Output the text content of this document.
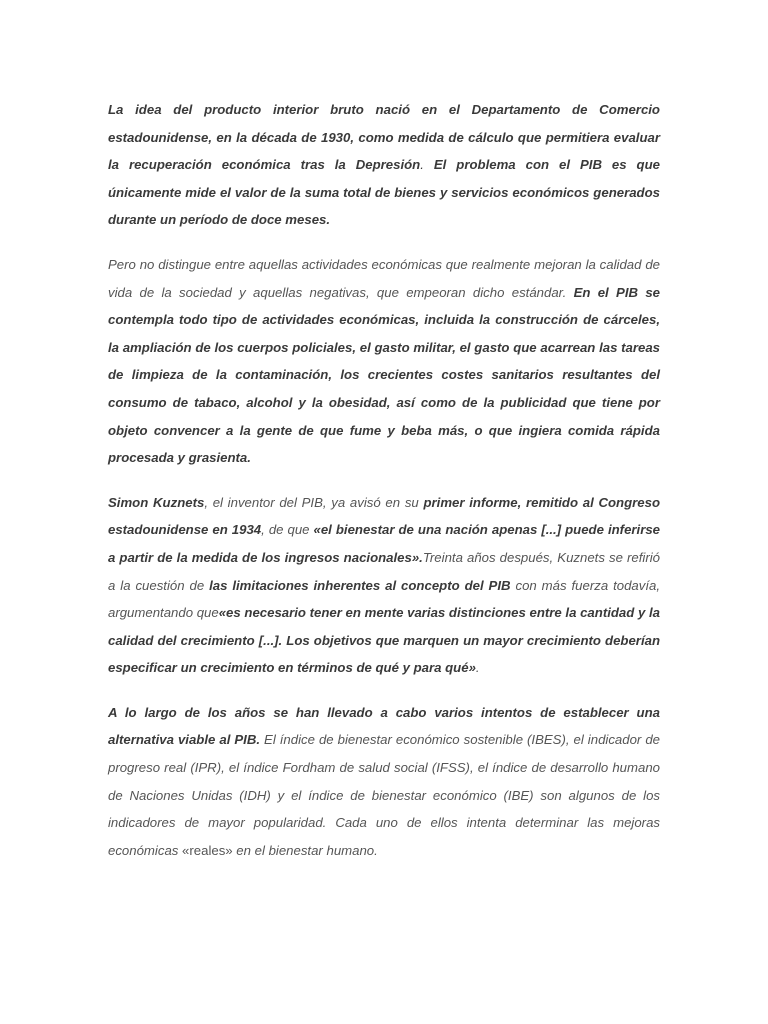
La idea del producto interior bruto nació en el Departamento de Comercio estadounidense, en la década de 1930, como medida de cálculo que permitiera evaluar la recuperación económica tras la Depresión. El problema con el PIB es que únicamente mide el valor de la suma total de bienes y servicios económicos generados durante un período de doce meses.

Pero no distingue entre aquellas actividades económicas que realmente mejoran la calidad de vida de la sociedad y aquellas negativas, que empeoran dicho estándar. En el PIB se contempla todo tipo de actividades económicas, incluida la construcción de cárceles, la ampliación de los cuerpos policiales, el gasto militar, el gasto que acarrean las tareas de limpieza de la contaminación, los crecientes costes sanitarios resultantes del consumo de tabaco, alcohol y la obesidad, así como de la publicidad que tiene por objeto convencer a la gente de que fume y beba más, o que ingiera comida rápida procesada y grasienta.

Simon Kuznets, el inventor del PIB, ya avisó en su primer informe, remitido al Congreso estadounidense en 1934, de que «el bienestar de una nación apenas [...] puede inferirse a partir de la medida de los ingresos nacionales».Treinta años después, Kuznets se refirió a la cuestión de las limitaciones inherentes al concepto del PIB con más fuerza todavía, argumentando que«es necesario tener en mente varias distinciones entre la cantidad y la calidad del crecimiento [...]. Los objetivos que marquen un mayor crecimiento deberían especificar un crecimiento en términos de qué y para qué».

A lo largo de los años se han llevado a cabo varios intentos de establecer una alternativa viable al PIB. El índice de bienestar económico sostenible (IBES), el indicador de progreso real (IPR), el índice Fordham de salud social (IFSS), el índice de desarrollo humano de Naciones Unidas (IDH) y el índice de bienestar económico (IBE) son algunos de los indicadores de mayor popularidad. Cada uno de ellos intenta determinar las mejoras económicas «reales» en el bienestar humano.
